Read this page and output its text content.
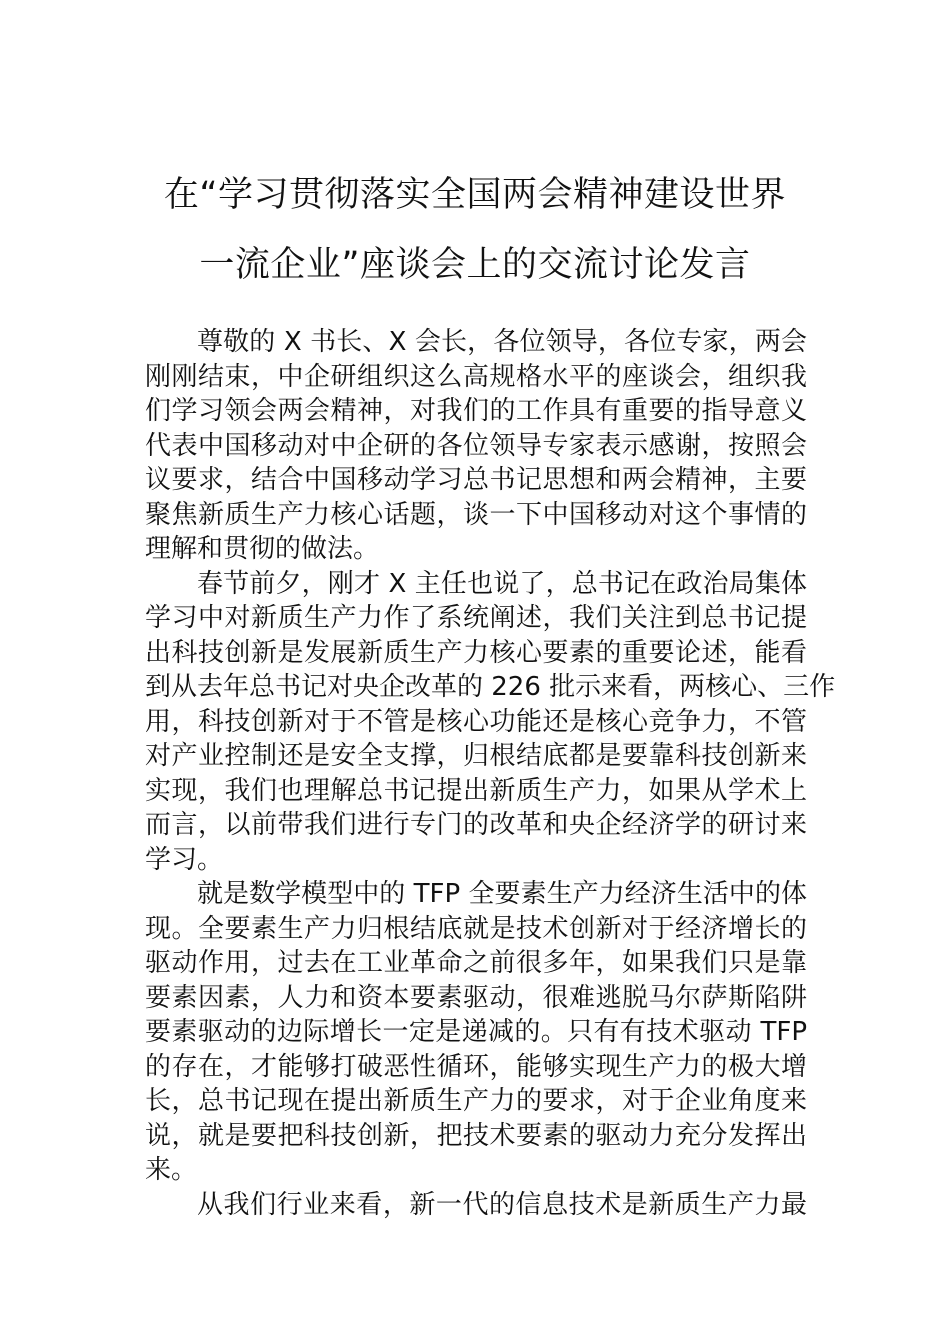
在“学习贯彻落实全国两会精神建设世界
一流企业”座谈会上的交流讨论发言

尊敬的 X 书长、X 会长，各位领导，各位专家，两会
刚刚结束，中企研组织这么高规格水平的座谈会，组织我
们学习领会两会精神，对我们的工作具有重要的指导意义
代表中国移动对中企研的各位领导专家表示感谢，按照会
议要求，结合中国移动学习总书记思想和两会精神，主要
聚焦新质生产力核心话题，谈一下中国移动对这个事情的
理解和贯彻的做法。

春节前夕，刚才 X 主任也说了，总书记在政治局集体
学习中对新质生产力作了系统阐述，我们关注到总书记提
出科技创新是发展新质生产力核心要素的重要论述，能看
到从去年总书记对央企改革的 226 批示来看，两核心、三作
用，科技创新对于不管是核心功能还是核心竞争力，不管
对产业控制还是安全支撑，归根结底都是要靠科技创新来
实现，我们也理解总书记提出新质生产力，如果从学术上
而言，以前带我们进行专门的改革和央企经济学的研讨来
学习。

就是数学模型中的 TFP 全要素生产力经济生活中的体
现。全要素生产力归根结底就是技术创新对于经济增长的
驱动作用，过去在工业革命之前很多年，如果我们只是靠
要素因素，人力和资本要素驱动，很难逃脱马尔萨斯陷阱
要素驱动的边际增长一定是递减的。只有有技术驱动 TFP
的存在，才能够打破恶性循环，能够实现生产力的极大增
长，总书记现在提出新质生产力的要求，对于企业角度来
说，就是要把科技创新，把技术要素的驱动力充分发挥出
来。

从我们行业来看，新一代的信息技术是新质生产力最
